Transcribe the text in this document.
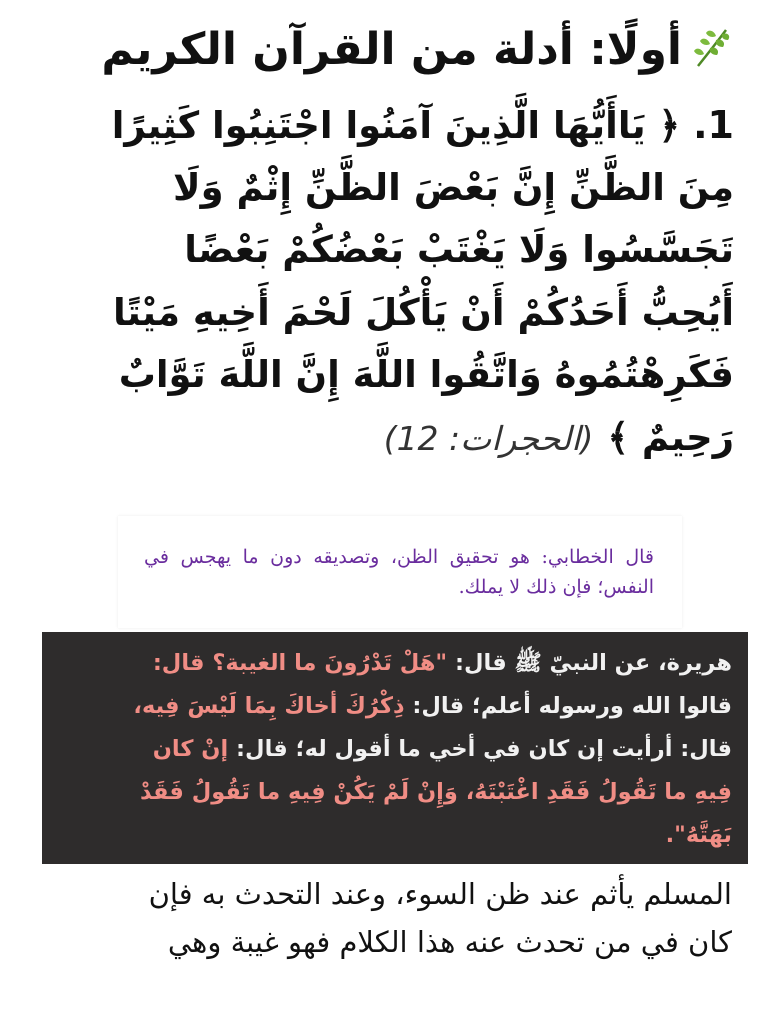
أولًا: أدلة من القرآن الكريم
1. ﴿ يَاأَيُّهَا الَّذِينَ آمَنُوا اجْتَنِبُوا كَثِيرًا
مِنَ الظَّنِّ إِنَّ بَعْضَ الظَّنِّ إِثْمٌ وَلَا
تَجَسَّسُوا وَلَا يَغْتَبْ بَعْضُكُمْ بَعْضًا
أَيُحِبُّ أَحَدُكُمْ أَنْ يَأْكُلَ لَحْمَ أَخِيهِ مَيْتًا
فَكَرِهْتُمُوهُ وَاتَّقُوا اللَّهَ إِنَّ اللَّهَ تَوَّابٌ
رَحِيمٌ ﴾(الحجرات: 12)
قال الخطابي: هو تحقيق الظن، وتصديقه دون ما يهجس في النفس؛ فإن ذلك لا يملك.
هريرة، عن النبيّ ﷺ قال: "هَلْ تَدْرُونَ ما الغيبة؟ قال:
قالوا الله ورسوله أعلم؛ قال: ذِكْرُكَ أخاكَ بِمَا لَيْسَ فِيه،
قال: أرأيت إن كان في أخي ما أقول له؛ قال: إنْ كان
فِيهِ ما تَقُولُ فَقَدِ اغْتَبْتَهُ، وَإِنْ لَمْ يَكُنْ فِيهِ ما تَقُولُ فَقَدْ
بَهَتَّهُ".
المسلم يأثم عند ظن السوء، وعند التحدث به فإن
كان في من تحدث عنه هذا الكلام فهو غيبة وهي
